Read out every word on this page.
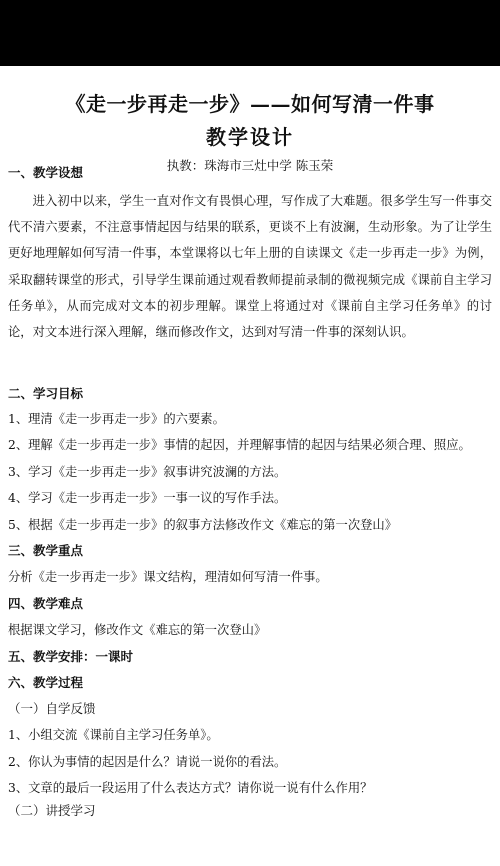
《走一步再走一步》——如何写清一件事
教学设计
执教：珠海市三灶中学 陈玉荣
一、教学设想

进入初中以来，学生一直对作文有畏惧心理，写作成了大难题。很多学生写一件事交代不清六要素，不注意事情起因与结果的联系，更谈不上有波澜，生动形象。为了让学生更好地理解如何写清一件事，本堂课将以七年上册的自读课文《走一步再走一步》为例，采取翻转课堂的形式，引导学生课前通过观看教师提前录制的微视频完成《课前自主学习任务单》，从而完成对文本的初步理解。课堂上将通过对《课前自主学习任务单》的讨论，对文本进行深入理解，继而修改作文，达到对写清一件事的深刻认识。

二、学习目标
1、理清《走一步再走一步》的六要素。
2、理解《走一步再走一步》事情的起因，并理解事情的起因与结果必须合理、照应。
3、学习《走一步再走一步》叙事讲究波澜的方法。
4、学习《走一步再走一步》一事一议的写作手法。
5、根据《走一步再走一步》的叙事方法修改作文《难忘的第一次登山》
三、教学重点
分析《走一步再走一步》课文结构，理清如何写清一件事。
四、教学难点
根据课文学习，修改作文《难忘的第一次登山》
五、教学安排：一课时
六、教学过程
（一）自学反馈
1、小组交流《课前自主学习任务单》。
2、你认为事情的起因是什么？请说一说你的看法。
3、文章的最后一段运用了什么表达方式？请你说一说有什么作用？
（二）讲授学习
